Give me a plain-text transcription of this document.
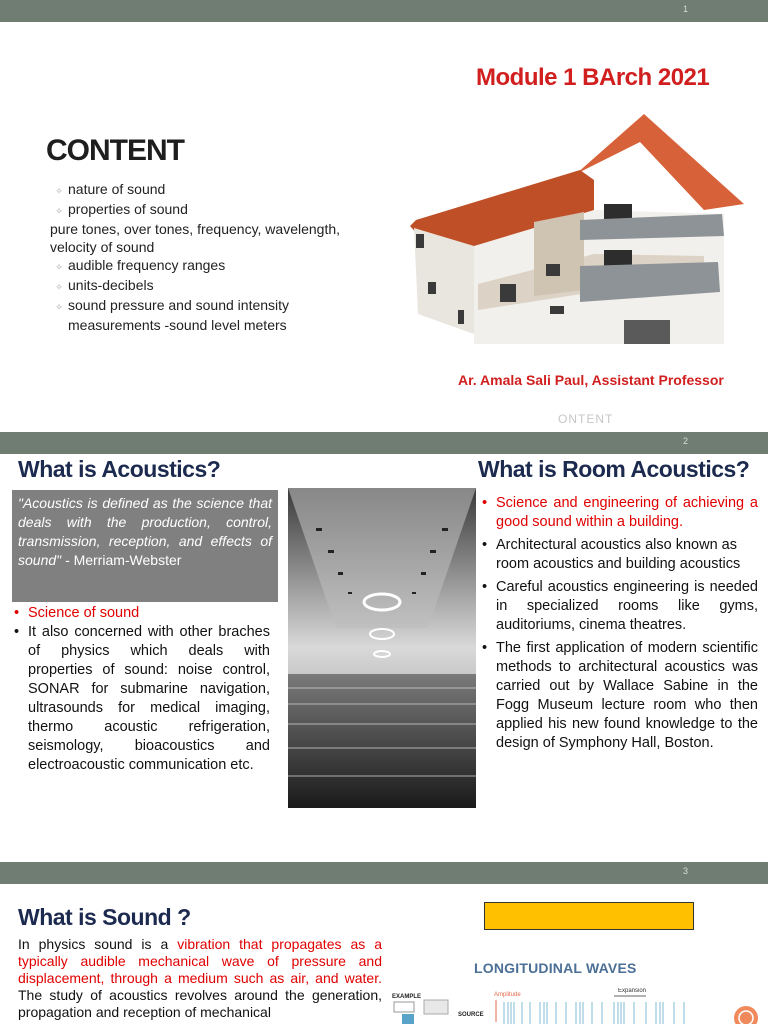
1
2
3
Module 1 BArch 2021
CONTENT
✧ nature of sound
✧ properties of sound
pure tones, over tones, frequency, wavelength, velocity of sound
✧ audible frequency ranges
✧ units-decibels
✧ sound pressure and sound intensity
measurements -sound level meters
Ar. Amala Sali Paul, Assistant Professor
ONTENT
What is Acoustics?	What is Room Acoustics?
"Acoustics is defined as the science that deals with the production, control, transmission, reception, and effects of sound" - Merriam-Webster
• Science of sound
• It also concerned with other braches of physics which deals with properties of sound: noise control, SONAR for submarine navigation, ultrasounds for medical imaging, thermo acoustic refrigeration, seismology, bioacoustics and electroacoustic communication etc.
• Science and engineering of achieving a good sound within a building.
• Architectural acoustics also known as room acoustics and building acoustics
• Careful acoustics engineering is needed in specialized rooms like gyms, auditoriums, cinema theatres.
• The first application of modern scientific methods to architectural acoustics was carried out by Wallace Sabine in the Fogg Museum lecture room who then applied his new found knowledge to the design of Symphony Hall, Boston.
What is Sound ?
In physics sound is a vibration that propagates as a typically audible mechanical wave of pressure and displacement, through a medium such as air, and water. The study of acoustics revolves around the generation, propagation and reception of mechanical
LONGITUDINAL WAVES
EXAMPLE	Amplitude
Expansion
SOURCE
